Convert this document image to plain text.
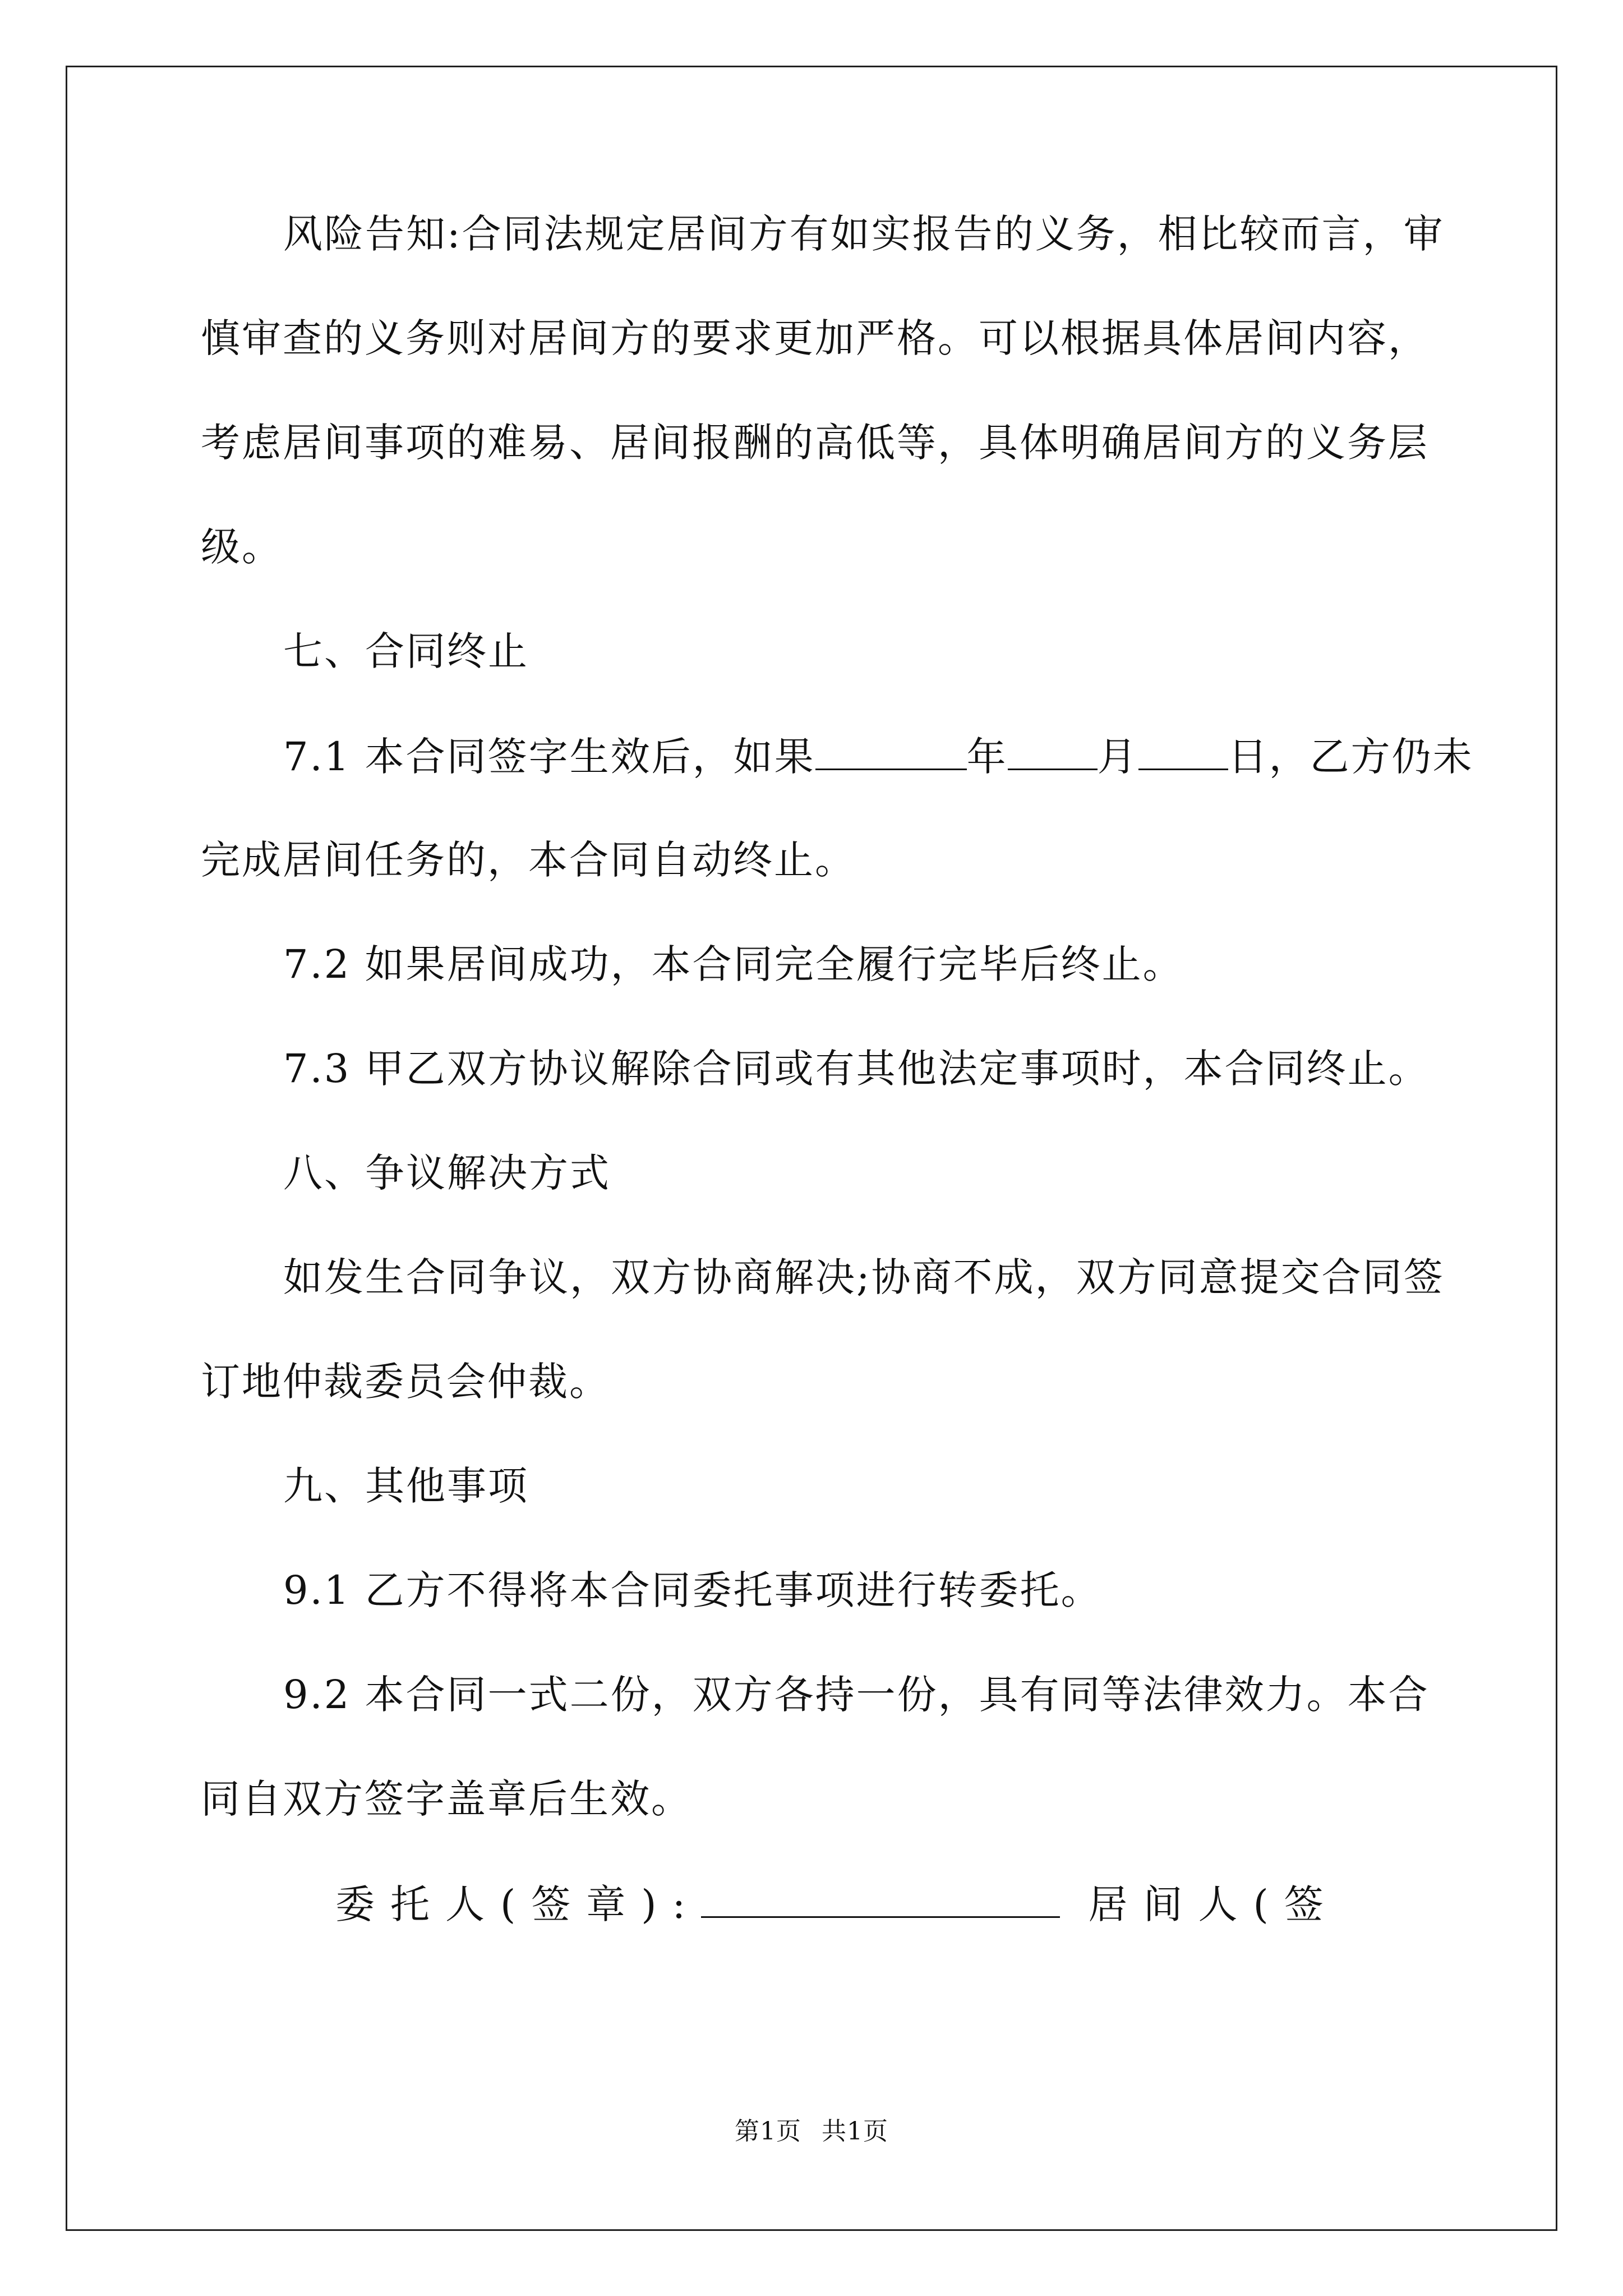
风险告知:合同法规定居间方有如实报告的义务，相比较而言，审
慎审查的义务则对居间方的要求更加严格。可以根据具体居间内容，
考虑居间事项的难易、居间报酬的高低等，具体明确居间方的义务层
级。
七、合同终止
7.1 本合同签字生效后，如果	年 月 日，乙方仍未
完成居间任务的，本合同自动终止。
7.2 如果居间成功，本合同完全履行完毕后终止。
7.3 甲乙双方协议解除合同或有其他法定事项时，本合同终止。
八、争议解决方式
如发生合同争议，双方协商解决;协商不成，双方同意提交合同签
订地仲裁委员会仲裁。
九、其他事项
9.1 乙方不得将本合同委托事项进行转委托。
9.2 本合同一式二份，双方各持一份，具有同等法律效力。本合
同自双方签字盖章后生效。
委托人(签章):	居间人(签
第1页 共1页
